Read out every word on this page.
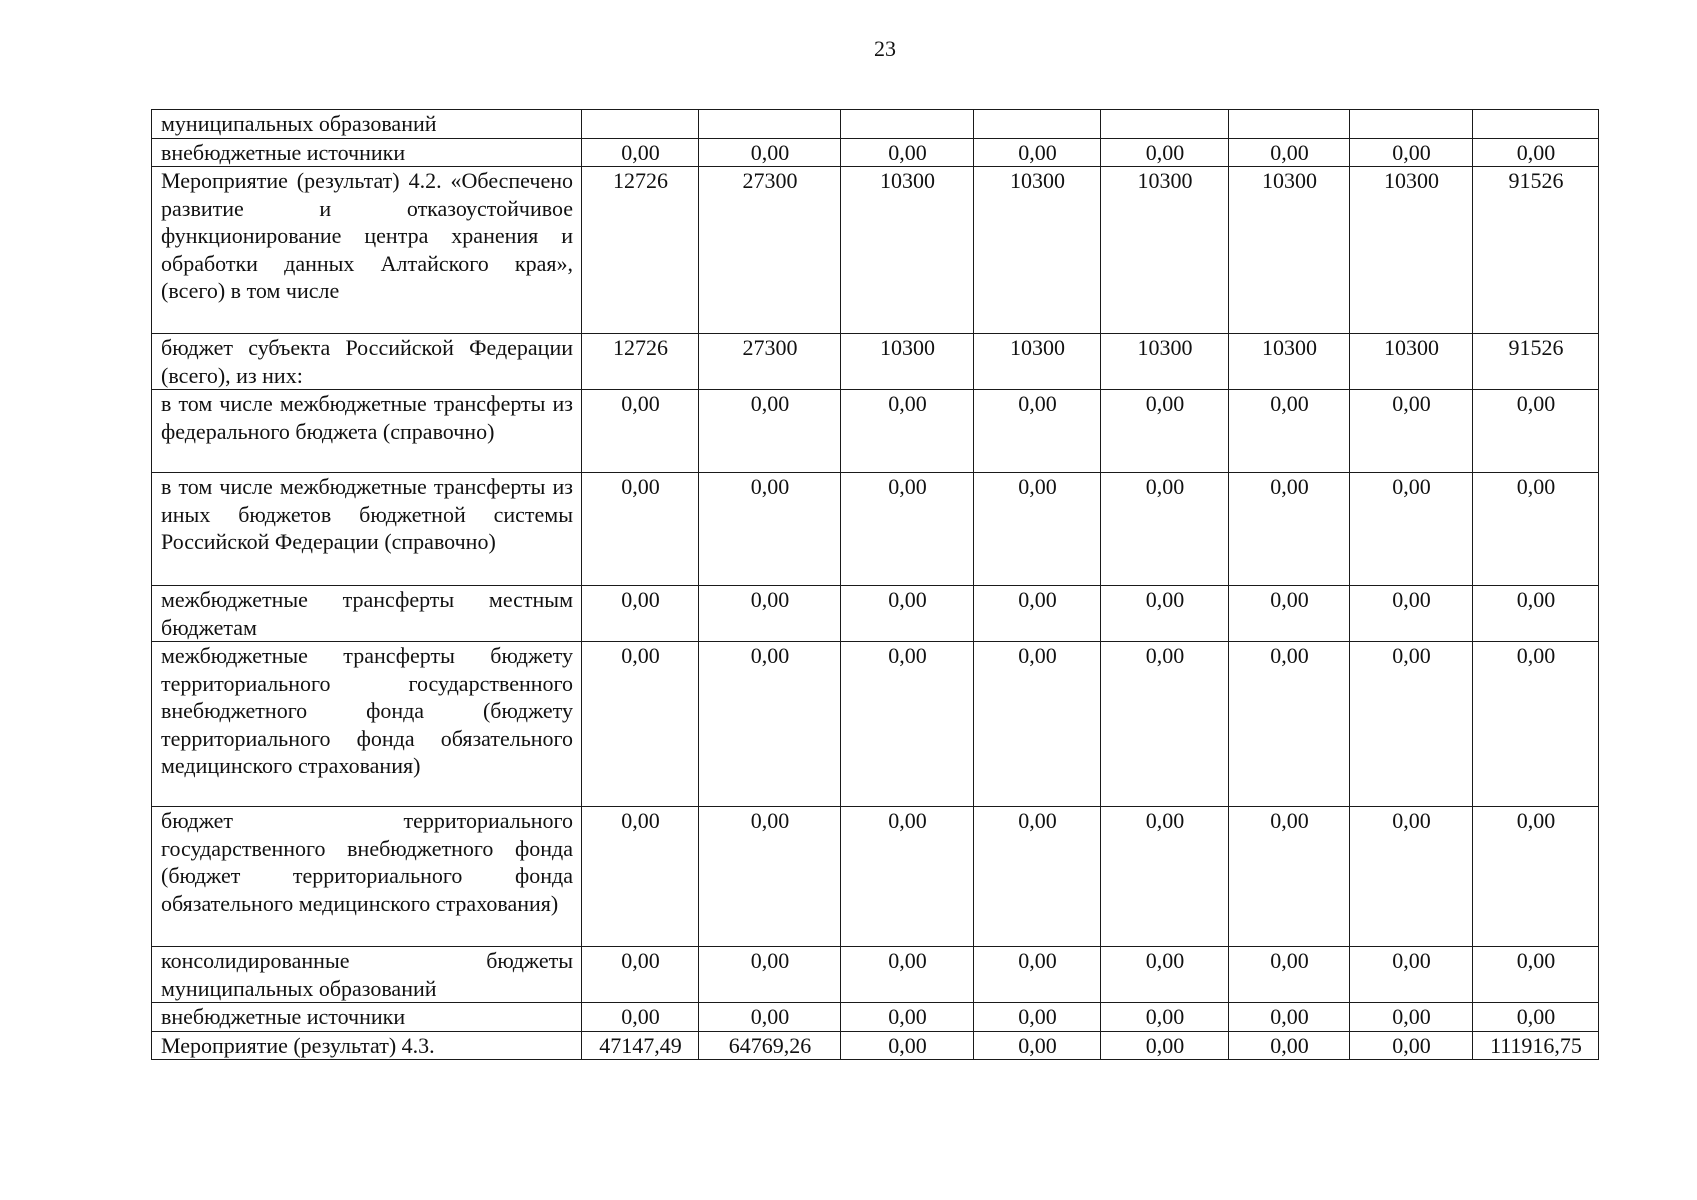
23
муниципальных образований								
внебюджетные источники	0,00	0,00	0,00	0,00	0,00	0,00	0,00	0,00
Мероприятие (результат) 4.2. «Обеспечено развитие и отказоустойчивое функционирование центра хранения и обработки данных Алтайского края», (всего) в том числе	12726	27300	10300	10300	10300	10300	10300	91526
бюджет субъекта Российской Федерации (всего), из них:	12726	27300	10300	10300	10300	10300	10300	91526
в том числе межбюджетные трансферты из федерального бюджета (справочно)	0,00	0,00	0,00	0,00	0,00	0,00	0,00	0,00
в том числе межбюджетные трансферты из иных бюджетов бюджетной системы Российской Федерации (справочно)	0,00	0,00	0,00	0,00	0,00	0,00	0,00	0,00
межбюджетные трансферты местным бюджетам	0,00	0,00	0,00	0,00	0,00	0,00	0,00	0,00
межбюджетные трансферты бюджету территориального государственного внебюджетного фонда (бюджету территориального фонда обязательного медицинского страхования)	0,00	0,00	0,00	0,00	0,00	0,00	0,00	0,00
бюджет территориального государственного внебюджетного фонда (бюджет территориального фонда обязательного медицинского страхования)	0,00	0,00	0,00	0,00	0,00	0,00	0,00	0,00
консолидированные бюджеты муниципальных образований	0,00	0,00	0,00	0,00	0,00	0,00	0,00	0,00
внебюджетные источники	0,00	0,00	0,00	0,00	0,00	0,00	0,00	0,00
Мероприятие (результат) 4.3.	47147,49	64769,26	0,00	0,00	0,00	0,00	0,00	111916,75
